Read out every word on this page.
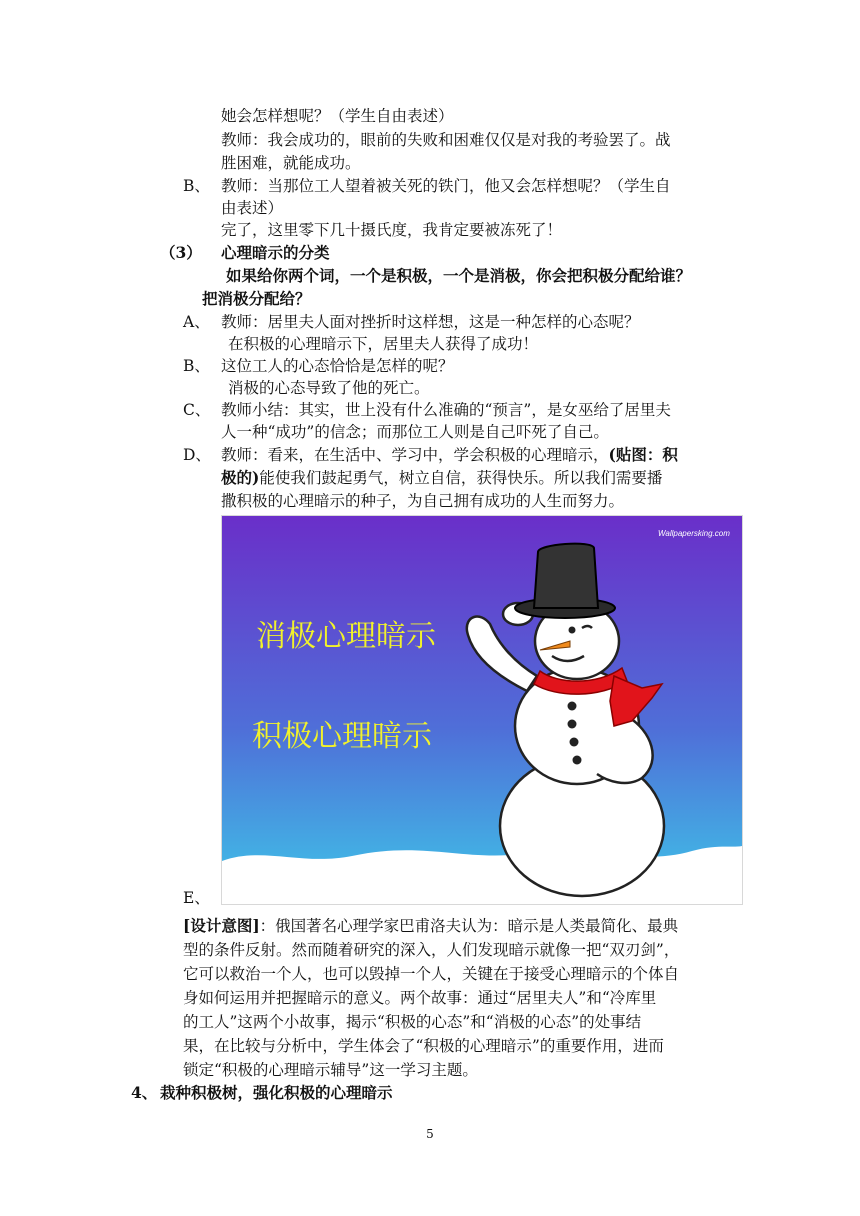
她会怎样想呢？（学生自由表述）
教师：我会成功的，眼前的失败和困难仅仅是对我的考验罢了。战
胜困难，就能成功。
B、 教师：当那位工人望着被关死的铁门，他又会怎样想呢？（学生自
由表述）
完了，这里零下几十摄氏度，我肯定要被冻死了！
（3） 心理暗示的分类
如果给你两个词，一个是积极，一个是消极，你会把积极分配给谁？
把消极分配给？
A、 教师：居里夫人面对挫折时这样想，这是一种怎样的心态呢？
在积极的心理暗示下，居里夫人获得了成功！
B、 这位工人的心态恰恰是怎样的呢？
消极的心态导致了他的死亡。
C、 教师小结：其实，世上没有什么准确的“预言”，是女巫给了居里夫
人一种“成功”的信念；而那位工人则是自己吓死了自己。
D、 教师：看来，在生活中、学习中，学会积极的心理暗示，(贴图：积
极的)能使我们鼓起勇气，树立自信，获得快乐。所以我们需要播
撒积极的心理暗示的种子，为自己拥有成功的人生而努力。
Wallpapersking.com
消极心理暗示
积极心理暗示
E、
[设计意图]：俄国著名心理学家巴甫洛夫认为：暗示是人类最简化、最典
型的条件反射。然而随着研究的深入，人们发现暗示就像一把“双刃剑”，
它可以救治一个人，也可以毁掉一个人，关键在于接受心理暗示的个体自
身如何运用并把握暗示的意义。两个故事：通过“居里夫人”和“冷库里
的工人”这两个小故事，揭示“积极的心态”和“消极的心态”的处事结
果，在比较与分析中，学生体会了“积极的心理暗示”的重要作用，进而
锁定“积极的心理暗示辅导”这一学习主题。
4、 栽种积极树，强化积极的心理暗示
5
